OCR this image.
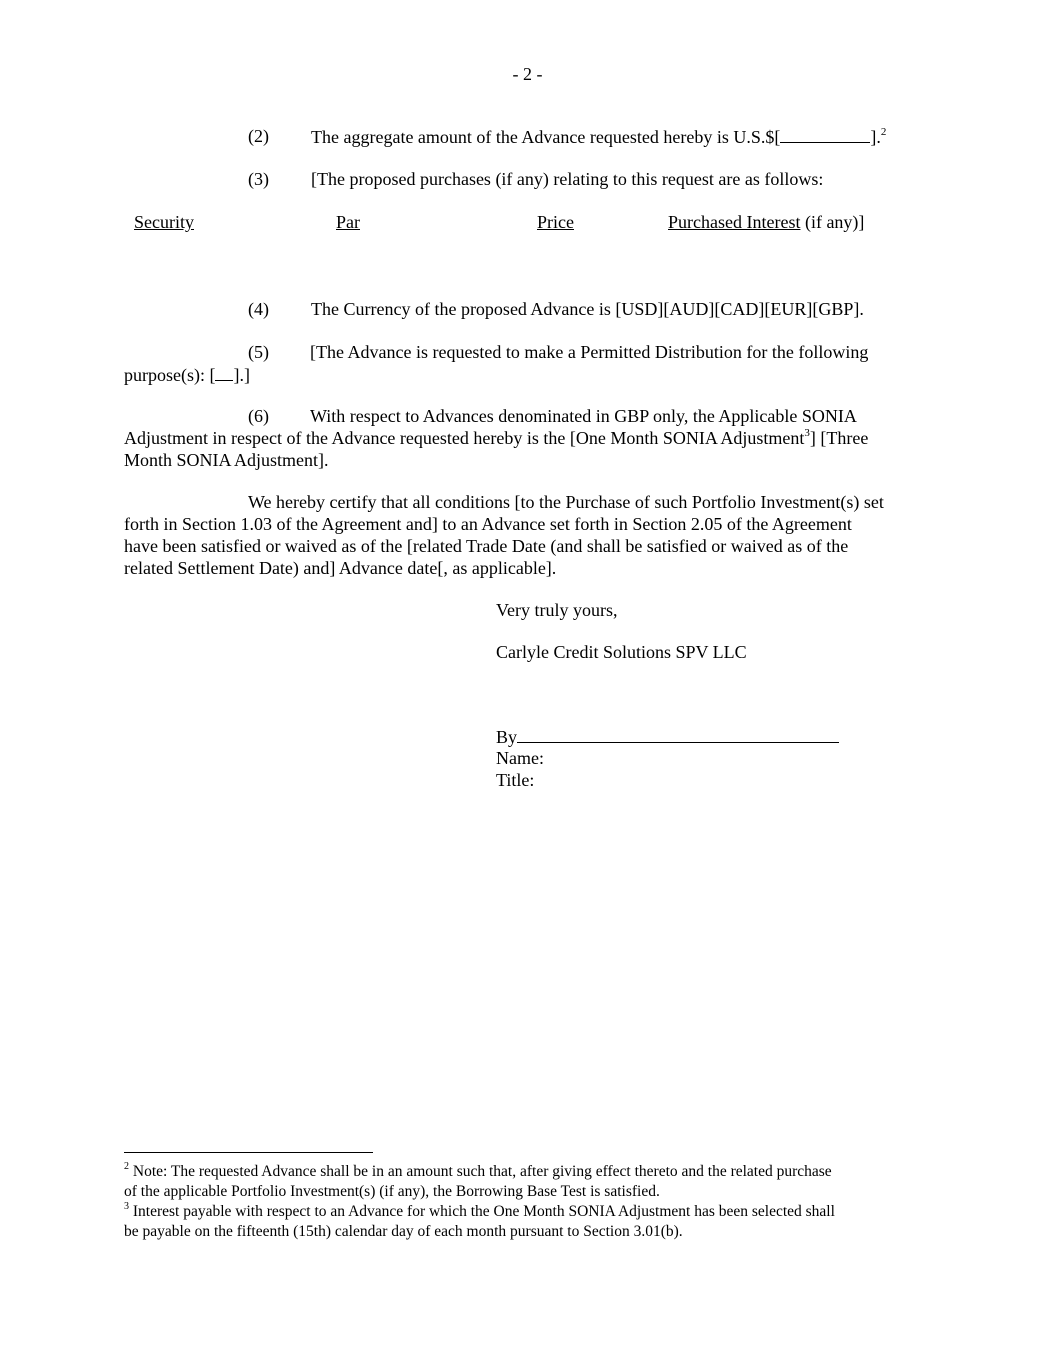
- 2 -
(2) The aggregate amount of the Advance requested hereby is U.S.$[	].$^2$
(3) [The proposed purchases (if any) relating to this request are as follows:
Security	Par	Price	Purchased Interest (if any)]
(4) The Currency of the proposed Advance is [USD][AUD][CAD][EUR][GBP].
(5) [The Advance is requested to make a Permitted Distribution for the following
purpose(s): [ ].]
(6) With respect to Advances denominated in GBP only, the Applicable SONIA
Adjustment in respect of the Advance requested hereby is the [One Month SONIA Adjustment$^3$] [Three
Month SONIA Adjustment].
We hereby certify that all conditions [to the Purchase of such Portfolio Investment(s) set
forth in Section 1.03 of the Agreement and] to an Advance set forth in Section 2.05 of the Agreement
have been satisfied or waived as of the [related Trade Date (and shall be satisfied or waived as of the
related Settlement Date) and] Advance date[, as applicable].
Very truly yours,
Carlyle Credit Solutions SPV LLC
By
Name:
Title:
$^2$ Note: The requested Advance shall be in an amount such that, after giving effect thereto and the related purchase
of the applicable Portfolio Investment(s) (if any), the Borrowing Base Test is satisfied.
$^3$ Interest payable with respect to an Advance for which the One Month SONIA Adjustment has been selected shall
be payable on the fifteenth (15th) calendar day of each month pursuant to Section 3.01(b).
